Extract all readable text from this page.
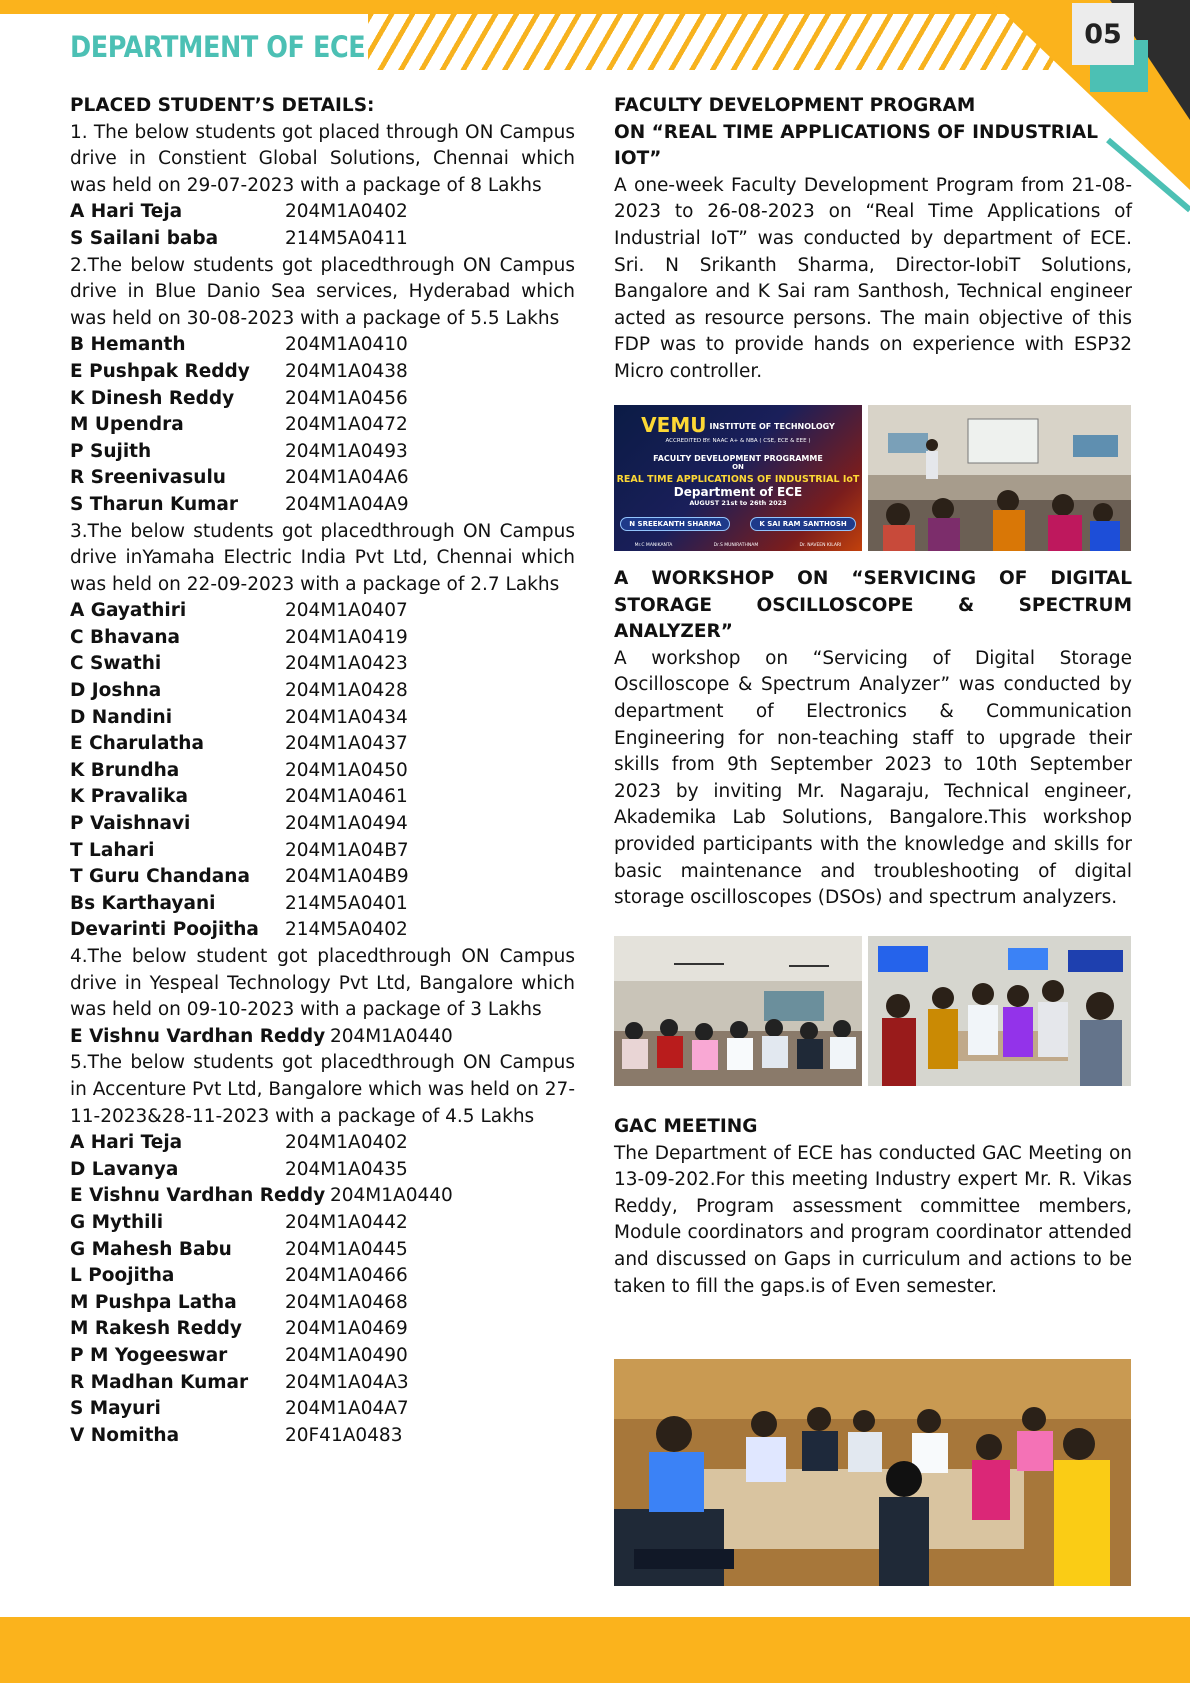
05
DEPARTMENT OF ECE
PLACED STUDENT’S DETAILS:
1. The below students got placed through ON Campus drive in Constient Global Solutions, Chennai which was held on 29-07-2023 with a package of 8 Lakhs
A Hari Teja	204M1A0402
S Sailani baba	214M5A0411
2.The below students got placedthrough ON Campus drive in Blue Danio Sea services, Hyderabad which was held on 30-08-2023 with a package of 5.5 Lakhs
B Hemanth	204M1A0410
E Pushpak Reddy	204M1A0438
K Dinesh Reddy	204M1A0456
M Upendra	204M1A0472
P Sujith	204M1A0493
R Sreenivasulu	204M1A04A6
S Tharun Kumar	204M1A04A9
3.The below students got placedthrough ON Campus drive inYamaha Electric India Pvt Ltd, Chennai which was held on 22-09-2023 with a package of 2.7 Lakhs
A Gayathiri	204M1A0407
C Bhavana	204M1A0419
C Swathi	204M1A0423
D Joshna	204M1A0428
D Nandini	204M1A0434
E Charulatha	204M1A0437
K Brundha	204M1A0450
K Pravalika	204M1A0461
P Vaishnavi	204M1A0494
T Lahari	204M1A04B7
T Guru Chandana	204M1A04B9
Bs Karthayani	214M5A0401
Devarinti Poojitha	214M5A0402
4.The below student got placedthrough ON Campus drive in Yespeal Technology Pvt Ltd, Bangalore which was held on 09-10-2023 with a package of 3 Lakhs
E Vishnu Vardhan Reddy 204M1A0440
5.The below students got placedthrough ON Campus in Accenture Pvt Ltd, Bangalore which was held on 27-11-2023&28-11-2023 with a package of 4.5 Lakhs
A Hari Teja	204M1A0402
D Lavanya	204M1A0435
E Vishnu Vardhan Reddy 204M1A0440
G Mythili	204M1A0442
G Mahesh Babu	204M1A0445
L Poojitha	204M1A0466
M Pushpa Latha	204M1A0468
M Rakesh Reddy	204M1A0469
P M Yogeeswar	204M1A0490
R Madhan Kumar	204M1A04A3
S Mayuri	204M1A04A7
V Nomitha	20F41A0483
FACULTY DEVELOPMENT PROGRAM
ON “REAL TIME APPLICATIONS OF INDUSTRIAL IOT”
A one-week Faculty Development Program from 21-08-2023 to 26-08-2023 on “Real Time Applications of Industrial IoT” was conducted by department of ECE. Sri. N Srikanth Sharma, Director-IobiT Solutions, Bangalore and K Sai ram Santhosh, Technical engineer acted as resource persons. The main objective of this FDP was to provide hands on experience with ESP32 Micro controller.
VEMU INSTITUTE OF TECHNOLOGY
ACCREDITED BY: NAAC A+ & NBA ( CSE, ECE & EEE )
FACULTY DEVELOPMENT PROGRAMME
ON
REAL TIME APPLICATIONS OF INDUSTRIAL IoT
Department of ECE
AUGUST 21st to 26th 2023
N SREEKANTH SHARMA	K SAI RAM SANTHOSH
Mr.C MANIKANTA	Dr.S MUNIRATHNAM	Dr. NAVEEN KILARI
A WORKSHOP ON “SERVICING OF DIGITAL STORAGE OSCILLOSCOPE & SPECTRUM ANALYZER”
A workshop on “Servicing of Digital Storage Oscilloscope & Spectrum Analyzer” was conducted by department of Electronics & Communication Engineering for non-teaching staff to upgrade their skills from 9th September 2023 to 10th September 2023 by inviting Mr. Nagaraju, Technical engineer, Akademika Lab Solutions, Bangalore.This workshop provided participants with the knowledge and skills for basic maintenance and troubleshooting of digital storage oscilloscopes (DSOs) and spectrum analyzers.
GAC MEETING
The Department of ECE has conducted GAC Meeting on 13-09-202.For this meeting Industry expert Mr. R. Vikas Reddy, Program assessment committee members, Module coordinators and program coordinator attended and discussed on Gaps in curriculum and actions to be taken to fill the gaps.is of Even semester.
